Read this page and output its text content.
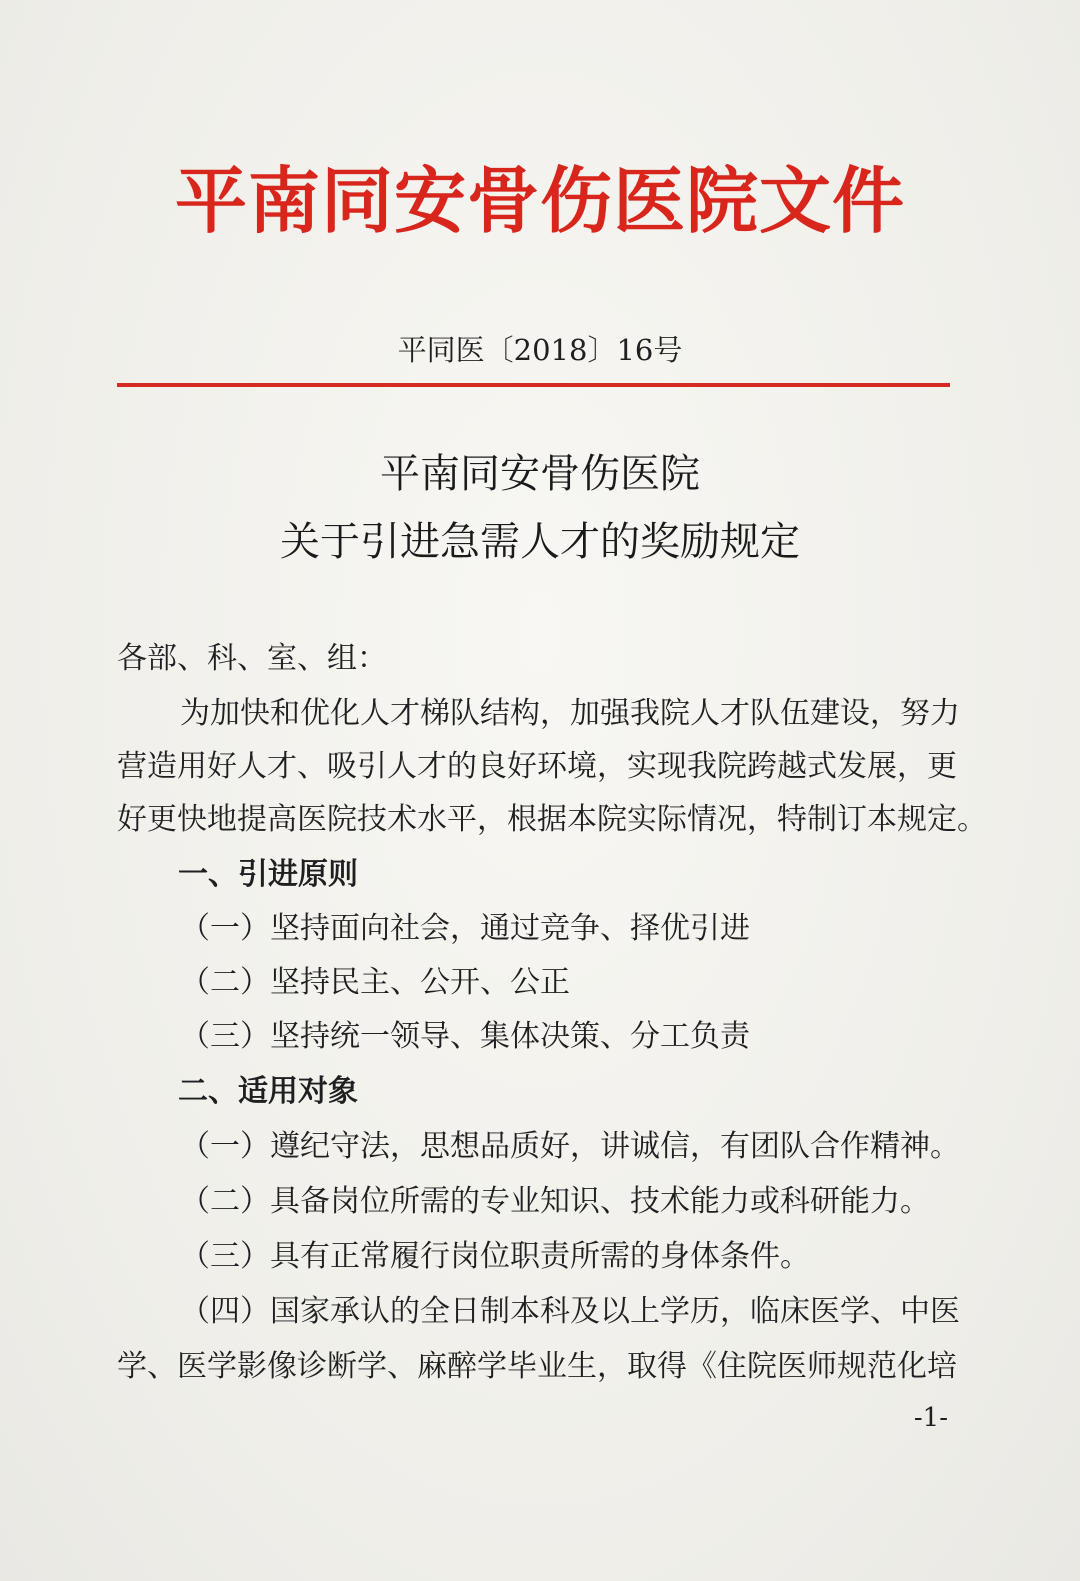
平南同安骨伤医院文件
平同医〔2018〕16号
平南同安骨伤医院
关于引进急需人才的奖励规定
各部、科、室、组：
为加快和优化人才梯队结构，加强我院人才队伍建设，努力
营造用好人才、吸引人才的良好环境，实现我院跨越式发展，更
好更快地提高医院技术水平，根据本院实际情况，特制订本规定。
一、引进原则
（一）坚持面向社会，通过竞争、择优引进
（二）坚持民主、公开、公正
（三）坚持统一领导、集体决策、分工负责
二、适用对象
（一）遵纪守法，思想品质好，讲诚信，有团队合作精神。
（二）具备岗位所需的专业知识、技术能力或科研能力。
（三）具有正常履行岗位职责所需的身体条件。
（四）国家承认的全日制本科及以上学历，临床医学、中医
学、医学影像诊断学、麻醉学毕业生，取得《住院医师规范化培
-1-
